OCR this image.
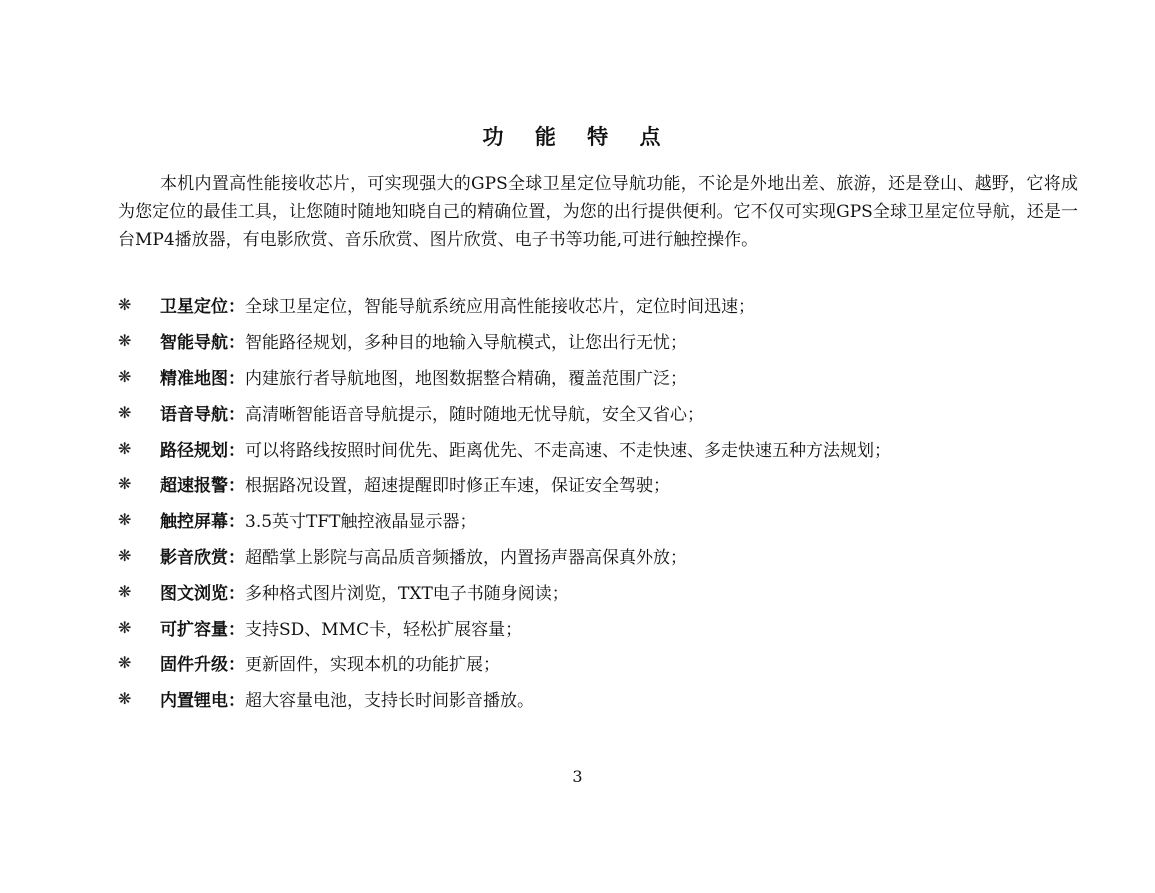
功 能 特 点

本机内置高性能接收芯片，可实现强大的GPS全球卫星定位导航功能，不论是外地出差、旅游，还是登山、越野，它将成为您定位的最佳工具，让您随时随地知晓自己的精确位置，为您的出行提供便利。它不仅可实现GPS全球卫星定位导航，还是一台MP4播放器，有电影欣赏、音乐欣赏、图片欣赏、电子书等功能,可进行触控操作。

❋	卫星定位： 全球卫星定位，智能导航系统应用高性能接收芯片，定位时间迅速；
❋	智能导航： 智能路径规划，多种目的地输入导航模式，让您出行无忧；
❋	精准地图： 内建旅行者导航地图，地图数据整合精确，覆盖范围广泛；
❋	语音导航： 高清晰智能语音导航提示，随时随地无忧导航，安全又省心；
❋	路径规划： 可以将路线按照时间优先、距离优先、不走高速、不走快速、多走快速五种方法规划；
❋	超速报警： 根据路况设置，超速提醒即时修正车速，保证安全驾驶；
❋	触控屏幕： 3.5英寸TFT触控液晶显示器；
❋	影音欣赏： 超酷掌上影院与高品质音频播放，内置扬声器高保真外放；
❋	图文浏览： 多种格式图片浏览，TXT电子书随身阅读；
❋	可扩容量： 支持SD、MMC卡，轻松扩展容量；
❋	固件升级： 更新固件，实现本机的功能扩展；
❋	内置锂电： 超大容量电池，支持长时间影音播放。
3
